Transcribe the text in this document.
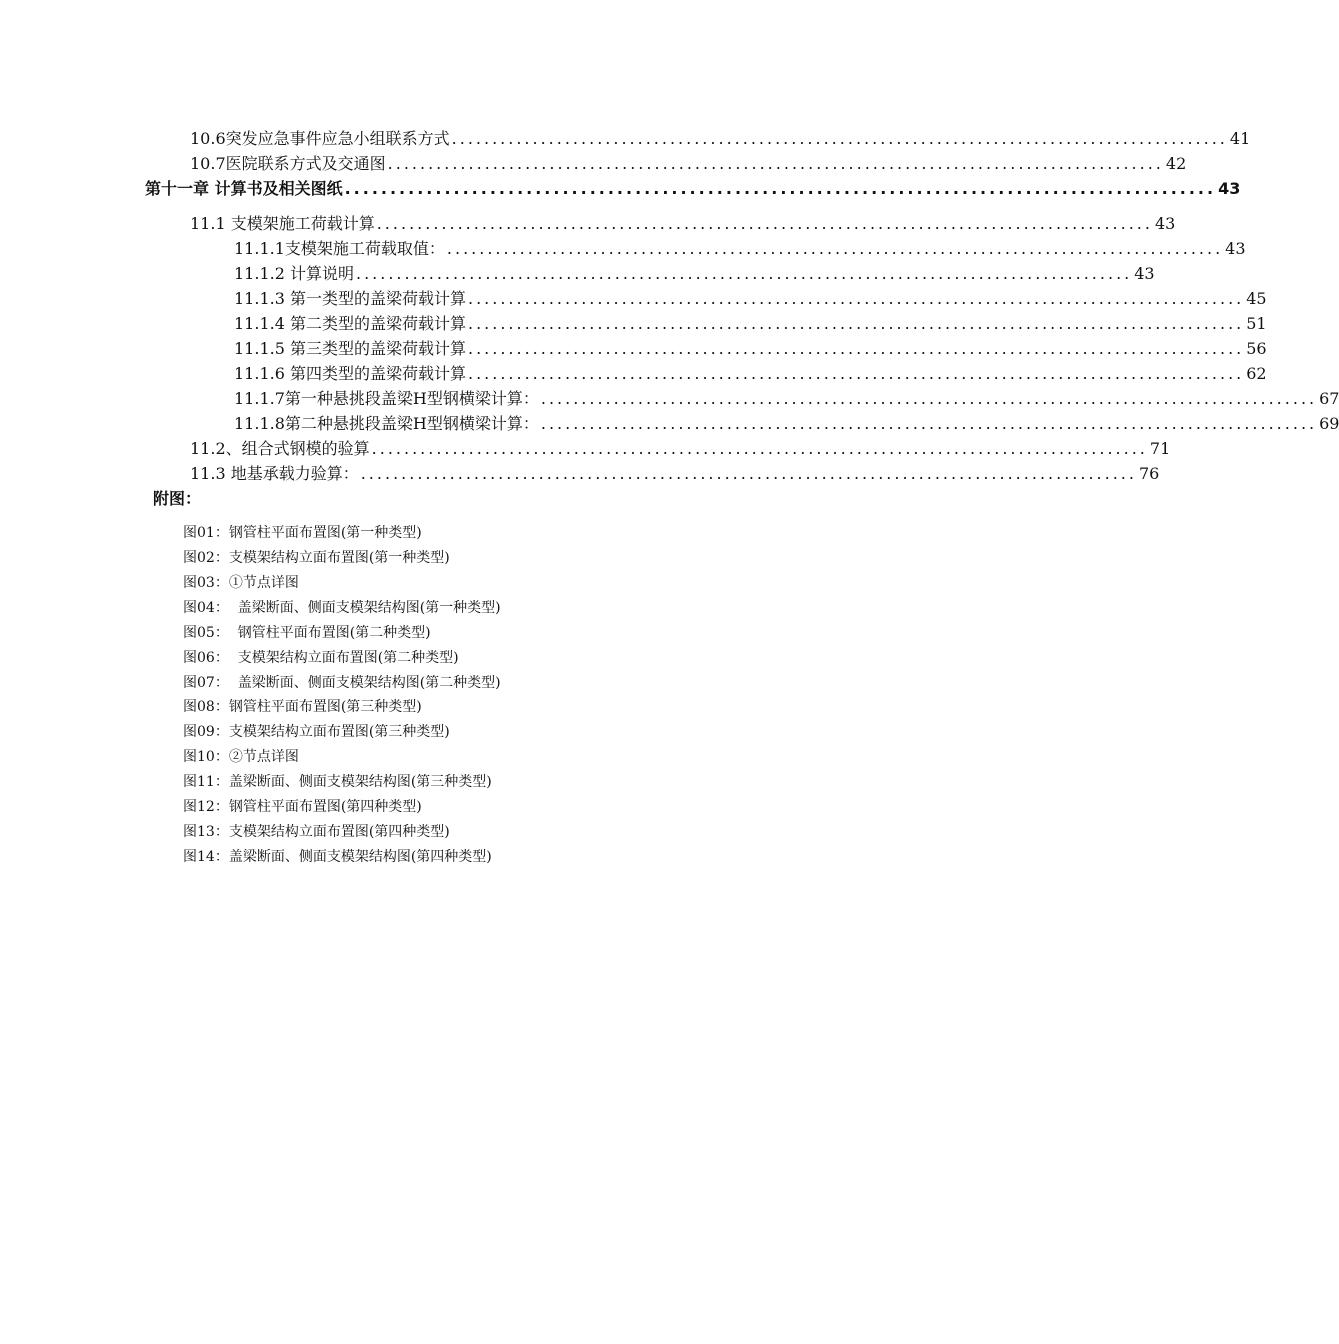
10.6突发应急事件应急小组联系方式 ................................................................................................ 41
10.7医院联系方式及交通图 ................................................................................................ 42
第十一章 计算书及相关图纸 ................................................................................................ 43
11.1 支模架施工荷载计算 ................................................................................................ 43
11.1.1支模架施工荷载取值： ................................................................................................ 43
11.1.2 计算说明 ................................................................................................ 43
11.1.3 第一类型的盖梁荷载计算 ................................................................................................ 45
11.1.4 第二类型的盖梁荷载计算 ................................................................................................ 51
11.1.5 第三类型的盖梁荷载计算 ................................................................................................ 56
11.1.6 第四类型的盖梁荷载计算 ................................................................................................ 62
11.1.7第一种悬挑段盖梁H型钢横梁计算： ................................................................................................ 67
11.1.8第二种悬挑段盖梁H型钢横梁计算： ................................................................................................ 69
11.2、组合式钢模的验算 ................................................................................................ 71
11.3 地基承载力验算： ................................................................................................ 76
附图：
图01：钢管柱平面布置图(第一种类型)
图02：支模架结构立面布置图(第一种类型)
图03：①节点详图
图04：  盖梁断面、侧面支模架结构图(第一种类型)
图05：  钢管柱平面布置图(第二种类型)
图06：  支模架结构立面布置图(第二种类型)
图07：  盖梁断面、侧面支模架结构图(第二种类型)
图08：钢管柱平面布置图(第三种类型)
图09：支模架结构立面布置图(第三种类型)
图10：②节点详图
图11：盖梁断面、侧面支模架结构图(第三种类型)
图12：钢管柱平面布置图(第四种类型)
图13：支模架结构立面布置图(第四种类型)
图14：盖梁断面、侧面支模架结构图(第四种类型)
